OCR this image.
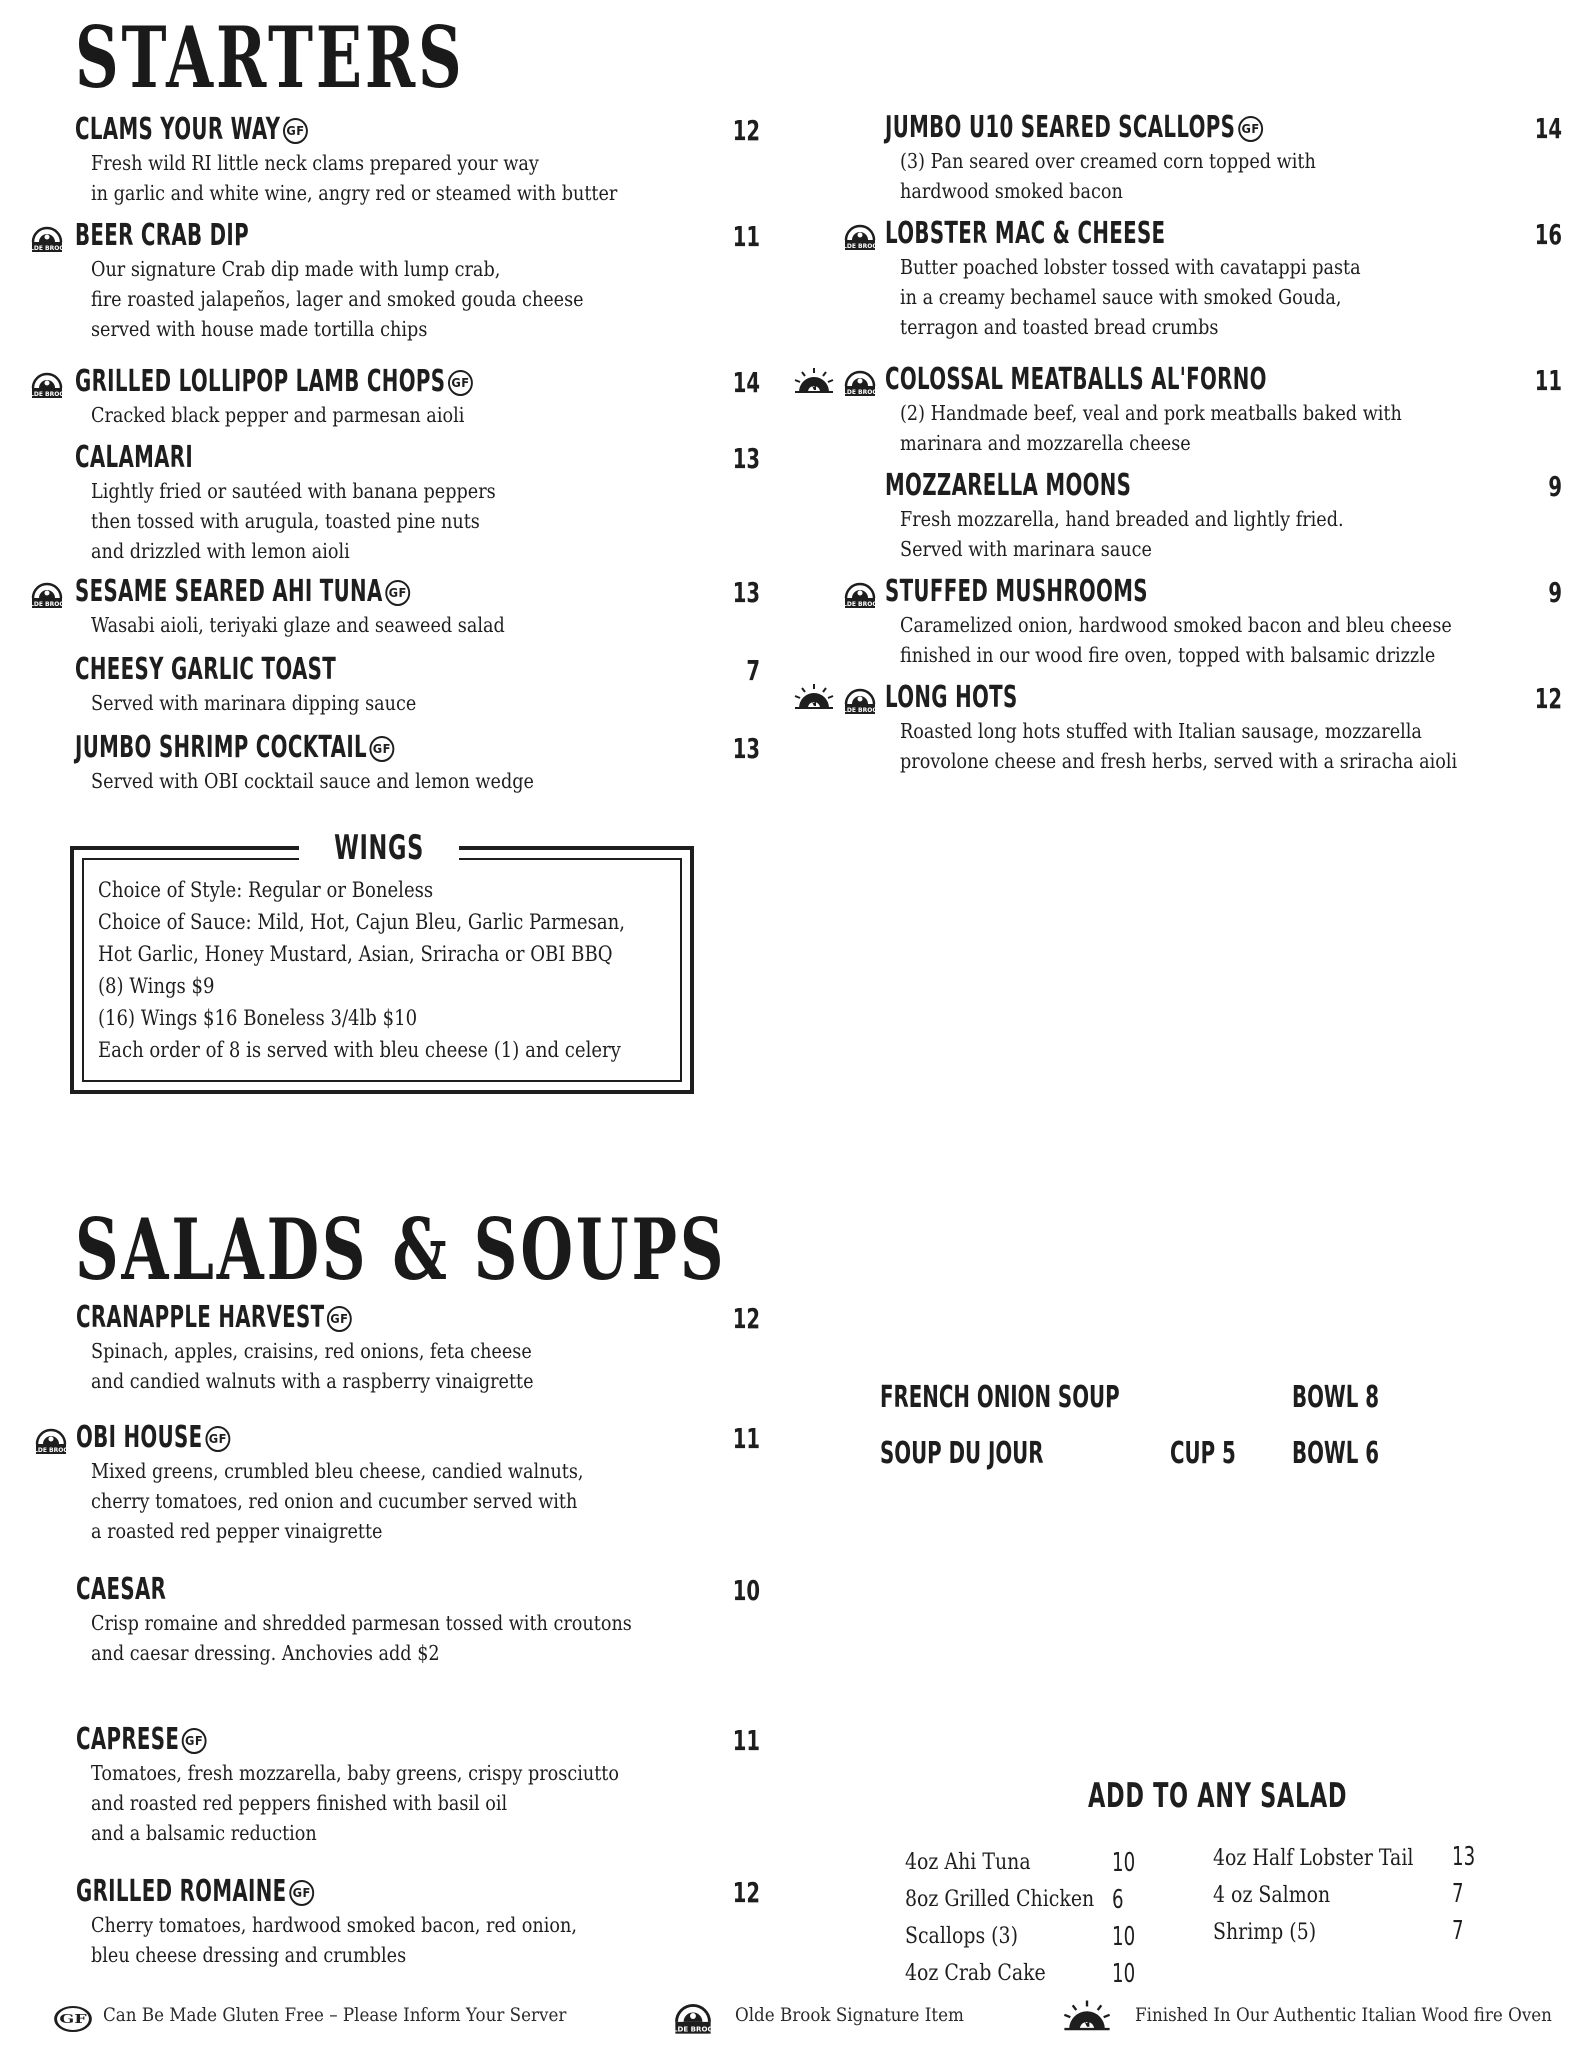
STARTERS
WINGS
SALADS & SOUPS
FRENCH ONION SOUP	BOWL 8
SOUP DU JOUR	CUP 5 BOWL 6
ADD TO ANY SALAD
GF Can Be Made Gluten Free – Please Inform Your Server	Olde Brook Signature Item	Finished In Our Authentic Italian Wood fire Oven
CLAMS YOUR WAY GF	12
Fresh wild RI little neck clams prepared your way
in garlic and white wine, angry red or steamed with butter
BEER CRAB DIP	11
Our signature Crab dip made with lump crab,
fire roasted jalapeños, lager and smoked gouda cheese
served with house made tortilla chips
GRILLED LOLLIPOP LAMB CHOPS GF	14
Cracked black pepper and parmesan aioli
CALAMARI	13
Lightly fried or sautéed with banana peppers
then tossed with arugula, toasted pine nuts
and drizzled with lemon aioli
SESAME SEARED AHI TUNA GF	13
Wasabi aioli, teriyaki glaze and seaweed salad
CHEESY GARLIC TOAST	7
Served with marinara dipping sauce
JUMBO SHRIMP COCKTAIL GF	13
Served with OBI cocktail sauce and lemon wedge
JUMBO U10 SEARED SCALLOPS GF	14
(3) Pan seared over creamed corn topped with
hardwood smoked bacon
LOBSTER MAC & CHEESE	16
Butter poached lobster tossed with cavatappi pasta
in a creamy bechamel sauce with smoked Gouda,
terragon and toasted bread crumbs
COLOSSAL MEATBALLS AL'FORNO	11
(2) Handmade beef, veal and pork meatballs baked with
marinara and mozzarella cheese
MOZZARELLA MOONS	9
Fresh mozzarella, hand breaded and lightly fried.
Served with marinara sauce
STUFFED MUSHROOMS	9
Caramelized onion, hardwood smoked bacon and bleu cheese
finished in our wood fire oven, topped with balsamic drizzle
LONG HOTS	12
Roasted long hots stuffed with Italian sausage, mozzarella
provolone cheese and fresh herbs, served with a sriracha aioli
CRANAPPLE HARVEST GF	12
Spinach, apples, craisins, red onions, feta cheese
and candied walnuts with a raspberry vinaigrette
OBI HOUSE GF	11
Mixed greens, crumbled bleu cheese, candied walnuts,
cherry tomatoes, red onion and cucumber served with
a roasted red pepper vinaigrette
CAESAR	10
Crisp romaine and shredded parmesan tossed with croutons
and caesar dressing. Anchovies add $2
CAPRESE GF	11
Tomatoes, fresh mozzarella, baby greens, crispy prosciutto
and roasted red peppers finished with basil oil
and a balsamic reduction
GRILLED ROMAINE GF	12
Cherry tomatoes, hardwood smoked bacon, red onion,
bleu cheese dressing and crumbles
Choice of Style: Regular or Boneless
Choice of Sauce: Mild, Hot, Cajun Bleu, Garlic Parmesan,
Hot Garlic, Honey Mustard, Asian, Sriracha or OBI BBQ
(8) Wings $9
(16) Wings $16 Boneless 3/4lb $10
Each order of 8 is served with bleu cheese (1) and celery
4oz Ahi Tuna	10
8oz Grilled Chicken 6
Scallops (3)	10
4oz Crab Cake	10
4oz Half Lobster Tail 13
4 oz Salmon	7
Shrimp (5)	7
